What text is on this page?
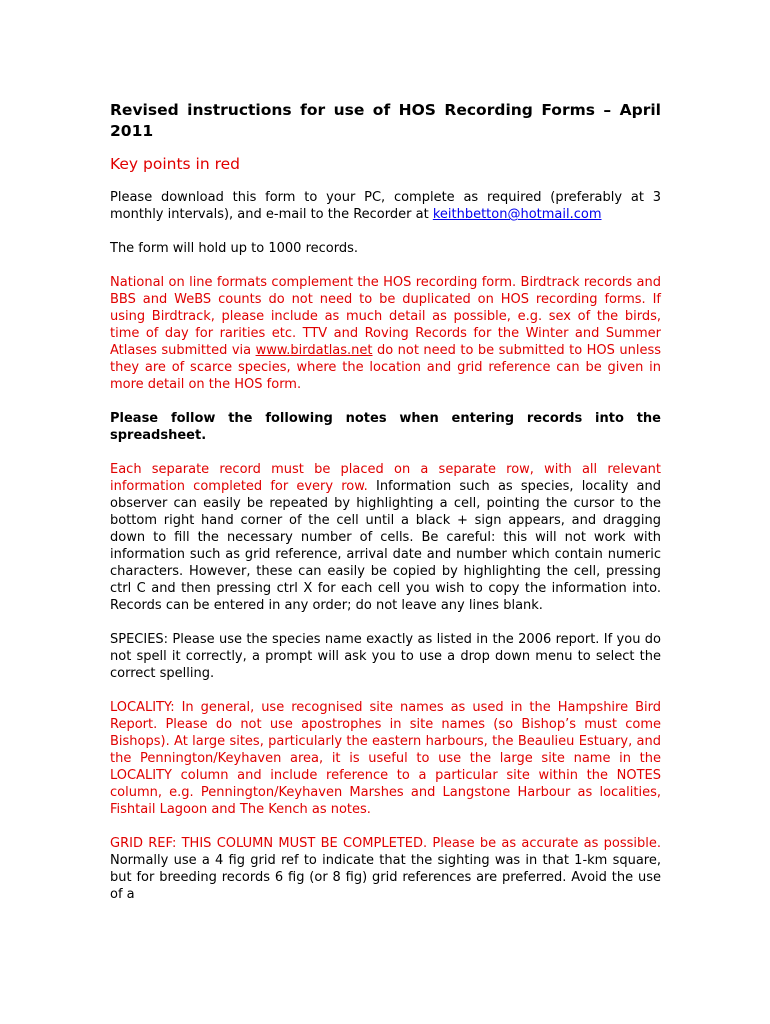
Revised instructions for use of HOS Recording Forms – April 2011
Key points in red

Please download this form to your PC, complete as required (preferably at 3 monthly intervals), and e-mail to the Recorder at keithbetton@hotmail.com

The form will hold up to 1000 records.

National on line formats complement the HOS recording form. Birdtrack records and BBS and WeBS counts do not need to be duplicated on HOS recording forms. If using Birdtrack, please include as much detail as possible, e.g. sex of the birds, time of day for rarities etc. TTV and Roving Records for the Winter and Summer Atlases submitted via www.birdatlas.net do not need to be submitted to HOS unless they are of scarce species, where the location and grid reference can be given in more detail on the HOS form.

Please follow the following notes when entering records into the spreadsheet.

Each separate record must be placed on a separate row, with all relevant information completed for every row. Information such as species, locality and observer can easily be repeated by highlighting a cell, pointing the cursor to the bottom right hand corner of the cell until a black + sign appears, and dragging down to fill the necessary number of cells. Be careful: this will not work with information such as grid reference, arrival date and number which contain numeric characters. However, these can easily be copied by highlighting the cell, pressing ctrl C and then pressing ctrl X for each cell you wish to copy the information into. Records can be entered in any order; do not leave any lines blank.

SPECIES: Please use the species name exactly as listed in the 2006 report. If you do not spell it correctly, a prompt will ask you to use a drop down menu to select the correct spelling.

LOCALITY: In general, use recognised site names as used in the Hampshire Bird Report. Please do not use apostrophes in site names (so Bishop’s must come Bishops). At large sites, particularly the eastern harbours, the Beaulieu Estuary, and the Pennington/Keyhaven area, it is useful to use the large site name in the LOCALITY column and include reference to a particular site within the NOTES column, e.g. Pennington/Keyhaven Marshes and Langstone Harbour as localities, Fishtail Lagoon and The Kench as notes.

GRID REF: THIS COLUMN MUST BE COMPLETED. Please be as accurate as possible. Normally use a 4 fig grid ref to indicate that the sighting was in that 1-km square, but for breeding records 6 fig (or 8 fig) grid references are preferred. Avoid the use of a
